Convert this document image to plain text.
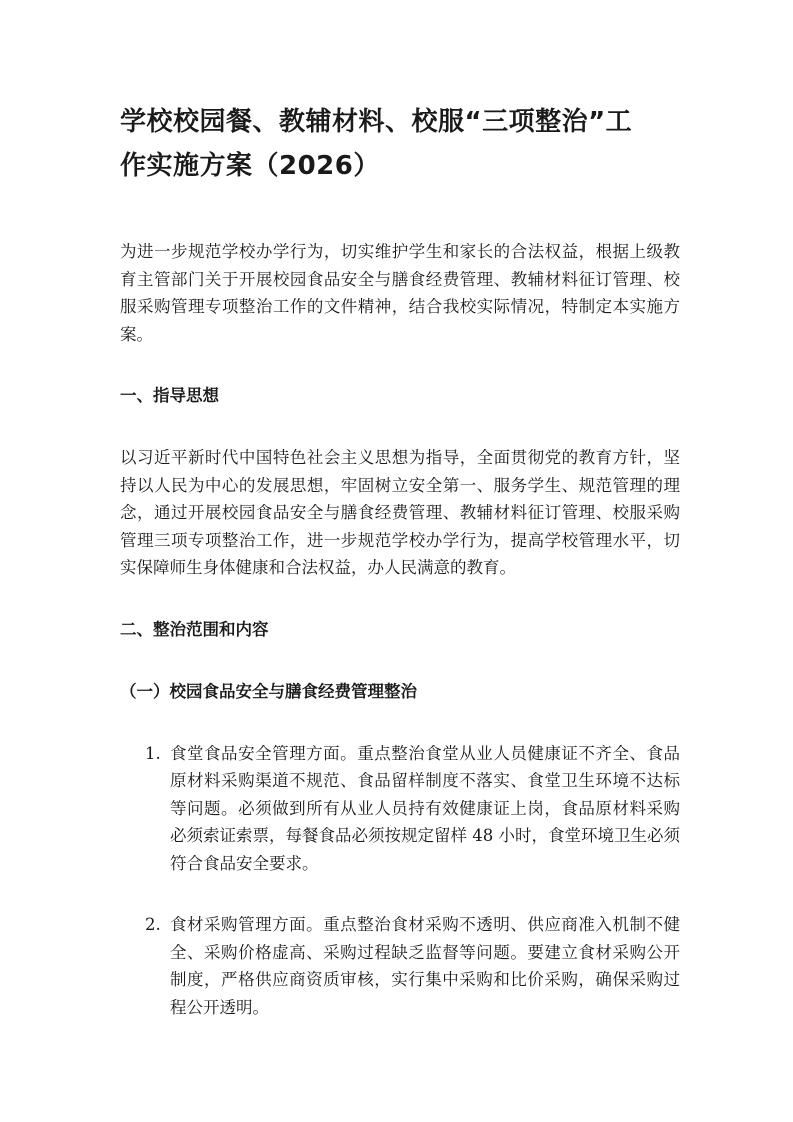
学校校园餐、教辅材料、校服“三项整治”工作实施方案（2026）

为进一步规范学校办学行为，切实维护学生和家长的合法权益，根据上级教育主管部门关于开展校园食品安全与膳食经费管理、教辅材料征订管理、校服采购管理专项整治工作的文件精神，结合我校实际情况，特制定本实施方案。

一、指导思想

以习近平新时代中国特色社会主义思想为指导，全面贯彻党的教育方针，坚持以人民为中心的发展思想，牢固树立安全第一、服务学生、规范管理的理念，通过开展校园食品安全与膳食经费管理、教辅材料征订管理、校服采购管理三项专项整治工作，进一步规范学校办学行为，提高学校管理水平，切实保障师生身体健康和合法权益，办人民满意的教育。

二、整治范围和内容
（一）校园食品安全与膳食经费管理整治
1. 食堂食品安全管理方面。重点整治食堂从业人员健康证不齐全、食品原材料采购渠道不规范、食品留样制度不落实、食堂卫生环境不达标等问题。必须做到所有从业人员持有效健康证上岗，食品原材料采购必须索证索票，每餐食品必须按规定留样 48 小时，食堂环境卫生必须符合食品安全要求。
2. 食材采购管理方面。重点整治食材采购不透明、供应商准入机制不健全、采购价格虚高、采购过程缺乏监督等问题。要建立食材采购公开制度，严格供应商资质审核，实行集中采购和比价采购，确保采购过程公开透明。
